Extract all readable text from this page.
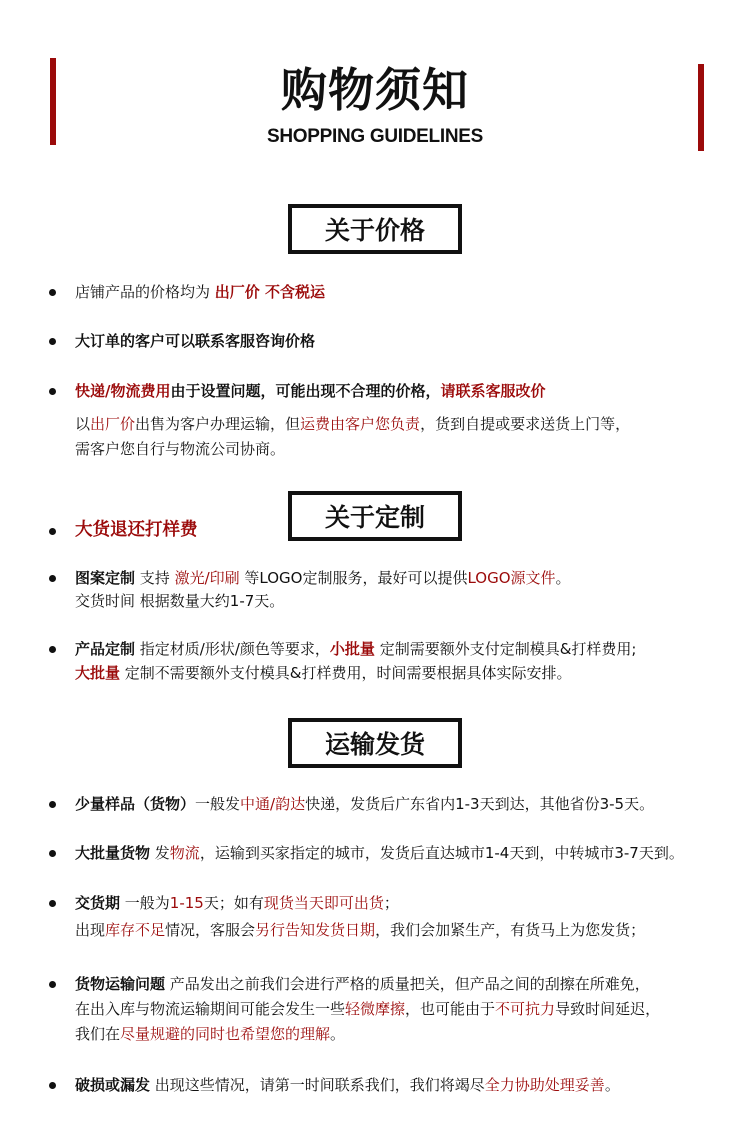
购物须知
SHOPPING GUIDELINES
关于价格
店铺产品的价格均为 出厂价 不含税运
大订单的客户可以联系客服咨询价格
快递/物流费用由于设置问题，可能出现不合理的价格，请联系客服改价
以出厂价出售为客户办理运输，但运费由客户您负责，货到自提或要求送货上门等，
需客户您自行与物流公司协商。
大货退还打样费	关于定制
图案定制 支持 激光/印刷 等LOGO定制服务，最好可以提供LOGO源文件。
交货时间 根据数量大约1-7天。
产品定制 指定材质/形状/颜色等要求，小批量 定制需要额外支付定制模具&打样费用;
大批量 定制不需要额外支付模具&打样费用，时间需要根据具体实际安排。
运输发货
少量样品（货物）一般发中通/韵达快递，发货后广东省内1-3天到达，其他省份3-5天。
大批量货物 发物流，运输到买家指定的城市，发货后直达城市1-4天到，中转城市3-7天到。
交货期 一般为1-15天；如有现货当天即可出货；
出现库存不足情况，客服会另行告知发货日期，我们会加紧生产，有货马上为您发货；
货物运输问题 产品发出之前我们会进行严格的质量把关，但产品之间的刮擦在所难免，
在出入库与物流运输期间可能会发生一些轻微摩擦，也可能由于不可抗力导致时间延迟，
我们在尽量规避的同时也希望您的理解。
破损或漏发 出现这些情况，请第一时间联系我们，我们将竭尽全力协助处理妥善。
